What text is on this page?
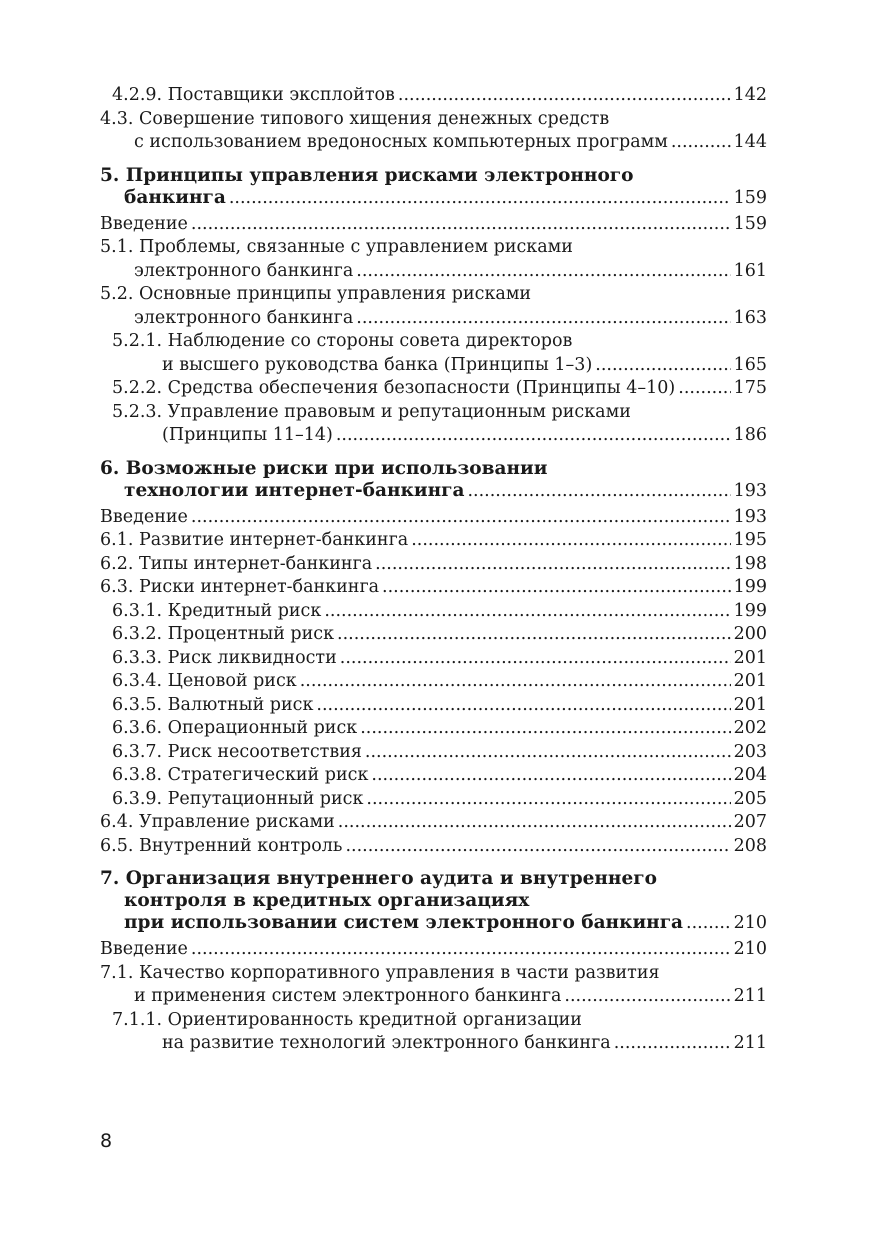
4.2.9. Поставщики эксплойтов .....	142
4.3. Совершение типового хищения денежных средств
с использованием вредоносных компьютерных программ .....	144
5. Принципы управления рисками электронного
банкинга .....	159
Введение .....	159
5.1. Проблемы, связанные с управлением рисками
электронного банкинга .....	161
5.2. Основные принципы управления рисками
электронного банкинга .....	163
5.2.1. Наблюдение со стороны совета директоров
и высшего руководства банка (Принципы 1–3) .....	165
5.2.2. Средства обеспечения безопасности (Принципы 4–10) .....	175
5.2.3. Управление правовым и репутационным рисками
(Принципы 11–14) .....	186
6. Возможные риски при использовании
технологии интернет-банкинга .....	193
Введение .....	193
6.1. Развитие интернет-банкинга .....	195
6.2. Типы интернет-банкинга .....	198
6.3. Риски интернет-банкинга .....	199
6.3.1. Кредитный риск .....	199
6.3.2. Процентный риск .....	200
6.3.3. Риск ликвидности .....	201
6.3.4. Ценовой риск .....	201
6.3.5. Валютный риск .....	201
6.3.6. Операционный риск .....	202
6.3.7. Риск несоответствия .....	203
6.3.8. Стратегический риск .....	204
6.3.9. Репутационный риск .....	205
6.4. Управление рисками .....	207
6.5. Внутренний контроль .....	208
7. Организация внутреннего аудита и внутреннего
контроля в кредитных организациях
при использовании систем электронного банкинга .....	210
Введение .....	210
7.1. Качество корпоративного управления в части развития
и применения систем электронного банкинга .....	211
7.1.1. Ориентированность кредитной организации
на развитие технологий электронного банкинга .....	211
8
